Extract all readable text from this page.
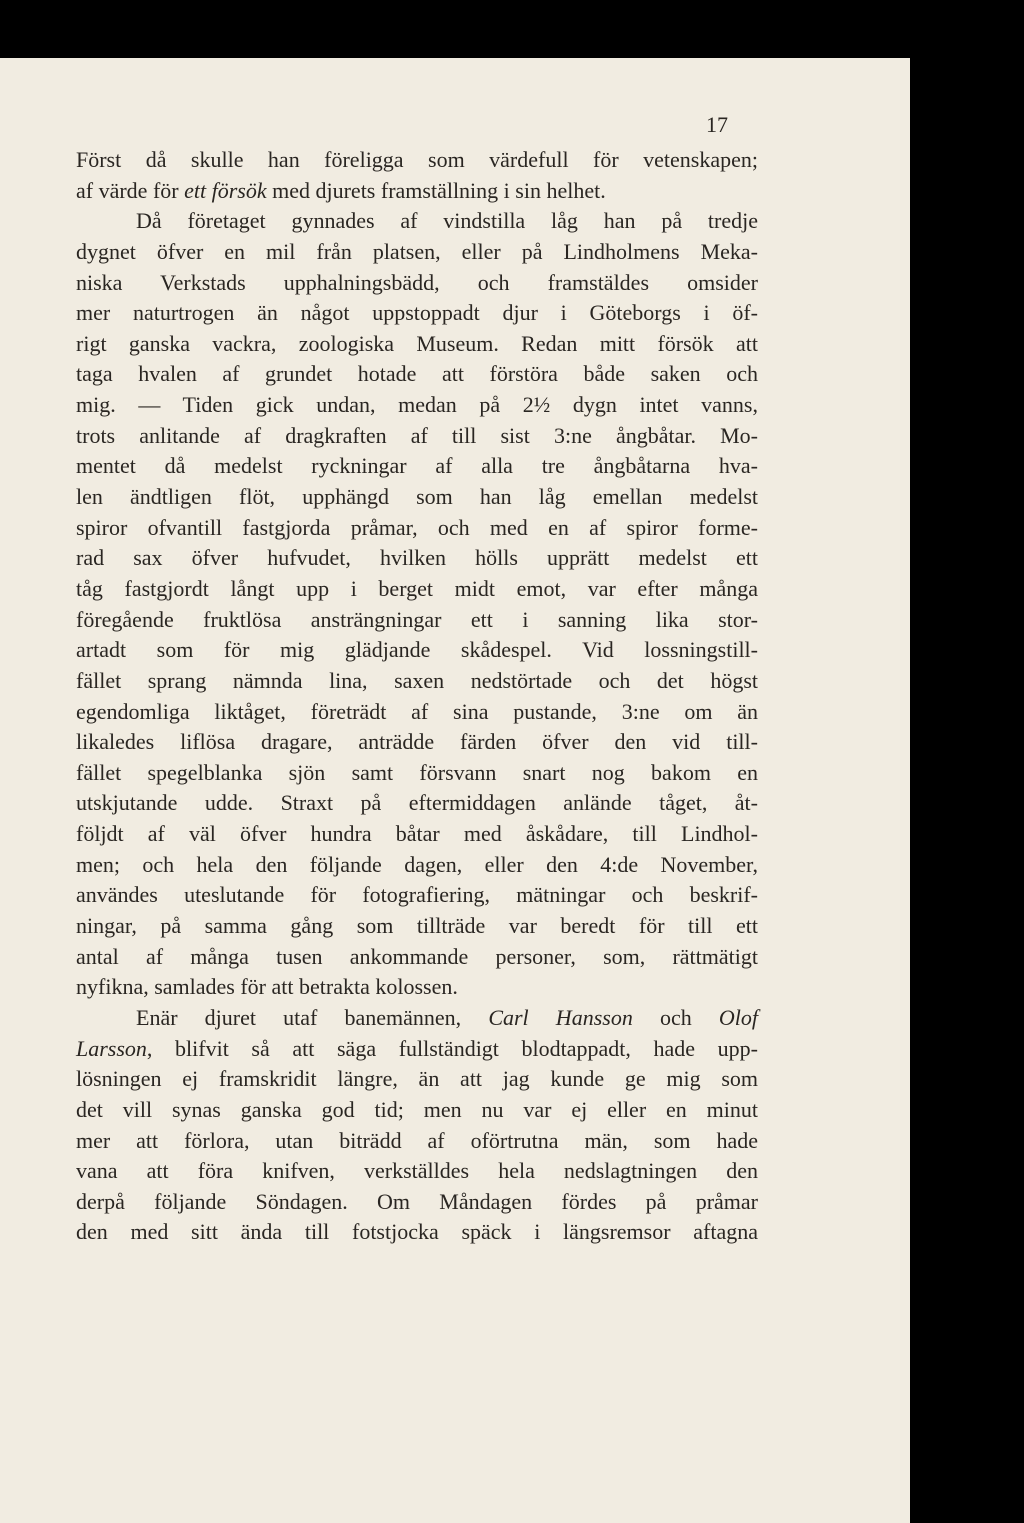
17
Först då skulle han föreligga som värdefull för vetenskapen;
af värde för ett försök med djurets framställning i sin helhet.
Då företaget gynnades af vindstilla låg han på tredje
dygnet öfver en mil från platsen, eller på Lindholmens Meka-
niska Verkstads upphalningsbädd, och framstäldes omsider
mer naturtrogen än något uppstoppadt djur i Göteborgs i öf-
rigt ganska vackra, zoologiska Museum. Redan mitt försök att
taga hvalen af grundet hotade att förstöra både saken och
mig. — Tiden gick undan, medan på 2½ dygn intet vanns,
trots anlitande af dragkraften af till sist 3:ne ångbåtar. Mo-
mentet då medelst ryckningar af alla tre ångbåtarna hva-
len ändtligen flöt, upphängd som han låg emellan medelst
spiror ofvantill fastgjorda pråmar, och med en af spiror forme-
rad sax öfver hufvudet, hvilken hölls upprätt medelst ett
tåg fastgjordt långt upp i berget midt emot, var efter många
föregående fruktlösa ansträngningar ett i sanning lika stor-
artadt som för mig glädjande skådespel. Vid lossningstill-
fället sprang nämnda lina, saxen nedstörtade och det högst
egendomliga liktåget, företrädt af sina pustande, 3:ne om än
likaledes liflösa dragare, anträdde färden öfver den vid till-
fället spegelblanka sjön samt försvann snart nog bakom en
utskjutande udde. Straxt på eftermiddagen anlände tåget, åt-
följdt af väl öfver hundra båtar med åskådare, till Lindhol-
men; och hela den följande dagen, eller den 4:de November,
användes uteslutande för fotografiering, mätningar och beskrif-
ningar, på samma gång som tillträde var beredt för till ett
antal af många tusen ankommande personer, som, rättmätigt
nyfikna, samlades för att betrakta kolossen.
Enär djuret utaf banemännen, Carl Hansson och Olof
Larsson, blifvit så att säga fullständigt blodtappadt, hade upp-
lösningen ej framskridit längre, än att jag kunde ge mig som
det vill synas ganska god tid; men nu var ej eller en minut
mer att förlora, utan biträdd af oförtrutna män, som hade
vana att föra knifven, verkställdes hela nedslagtningen den
derpå följande Söndagen. Om Måndagen fördes på pråmar
den med sitt ända till fotstjocka späck i längsremsor aftagna
